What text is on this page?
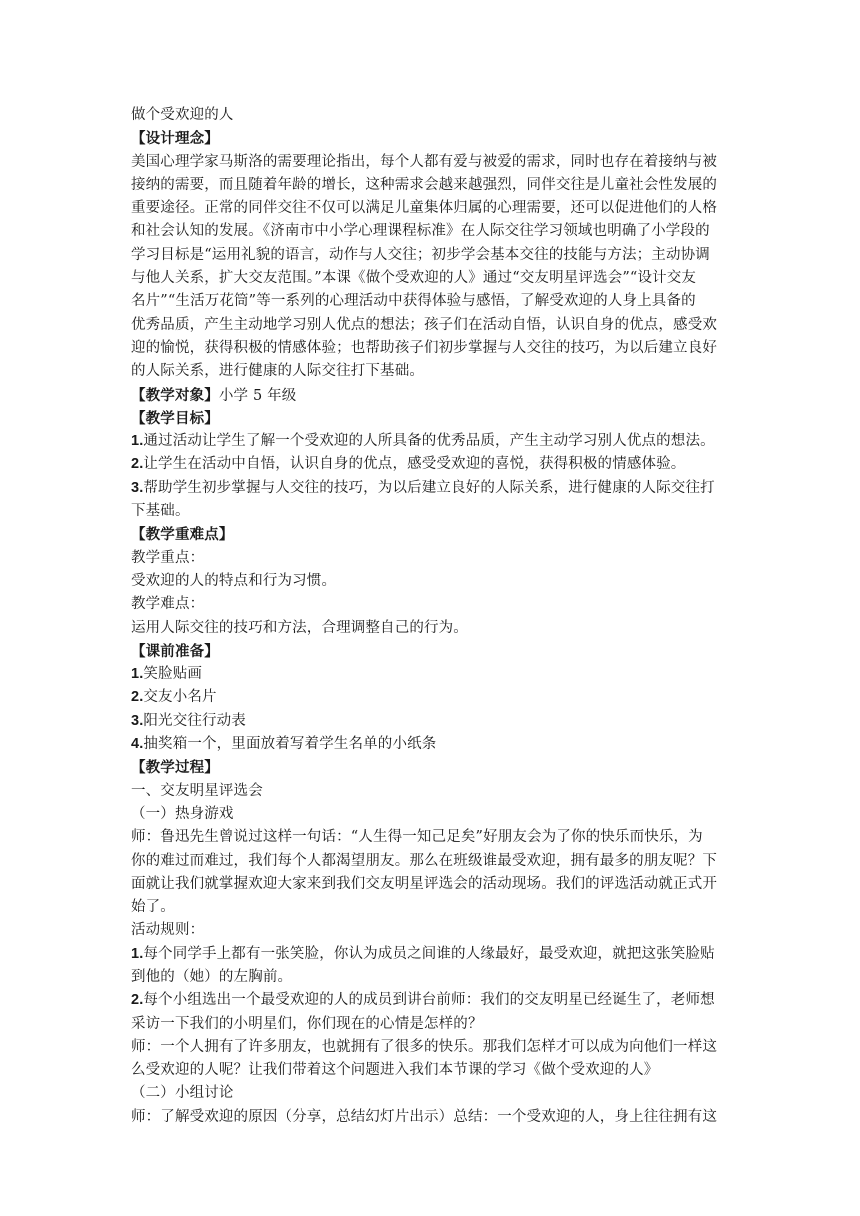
做个受欢迎的人
【设计理念】
美国心理学家马斯洛的需要理论指出，每个人都有爱与被爱的需求，同时也存在着接纳与被
接纳的需要，而且随着年龄的增长，这种需求会越来越强烈，同伴交往是儿童社会性发展的
重要途径。正常的同伴交往不仅可以满足儿童集体归属的心理需要，还可以促进他们的人格
和社会认知的发展。《济南市中小学心理课程标准》在人际交往学习领域也明确了小学段的
学习目标是“运用礼貌的语言，动作与人交往；初步学会基本交往的技能与方法；主动协调
与他人关系，扩大交友范围。”本课《做个受欢迎的人》通过“交友明星评选会”“设计交友
名片”“生活万花筒”等一系列的心理活动中获得体验与感悟，了解受欢迎的人身上具备的
优秀品质，产生主动地学习别人优点的想法；孩子们在活动自悟，认识自身的优点，感受欢
迎的愉悦，获得积极的情感体验；也帮助孩子们初步掌握与人交往的技巧，为以后建立良好
的人际关系，进行健康的人际交往打下基础。
【教学对象】小学 5 年级
【教学目标】
1.通过活动让学生了解一个受欢迎的人所具备的优秀品质，产生主动学习别人优点的想法。
2.让学生在活动中自悟，认识自身的优点，感受受欢迎的喜悦，获得积极的情感体验。
3.帮助学生初步掌握与人交往的技巧，为以后建立良好的人际关系，进行健康的人际交往打
下基础。
【教学重难点】
教学重点：
受欢迎的人的特点和行为习惯。
教学难点：
运用人际交往的技巧和方法，合理调整自己的行为。
【课前准备】
1.笑脸贴画
2.交友小名片
3.阳光交往行动表
4.抽奖箱一个，里面放着写着学生名单的小纸条
【教学过程】
一、交友明星评选会
（一）热身游戏
师：鲁迅先生曾说过这样一句话：“人生得一知己足矣”好朋友会为了你的快乐而快乐，为
你的难过而难过，我们每个人都渴望朋友。那么在班级谁最受欢迎，拥有最多的朋友呢？下
面就让我们就掌握欢迎大家来到我们交友明星评选会的活动现场。我们的评选活动就正式开
始了。
活动规则：
1.每个同学手上都有一张笑脸，你认为成员之间谁的人缘最好，最受欢迎，就把这张笑脸贴
到他的（她）的左胸前。
2.每个小组选出一个最受欢迎的人的成员到讲台前师：我们的交友明星已经诞生了，老师想
采访一下我们的小明星们，你们现在的心情是怎样的？
师：一个人拥有了许多朋友，也就拥有了很多的快乐。那我们怎样才可以成为向他们一样这
么受欢迎的人呢？让我们带着这个问题进入我们本节课的学习《做个受欢迎的人》
（二）小组讨论
师：了解受欢迎的原因（分享，总结幻灯片出示）总结：一个受欢迎的人，身上往往拥有这
